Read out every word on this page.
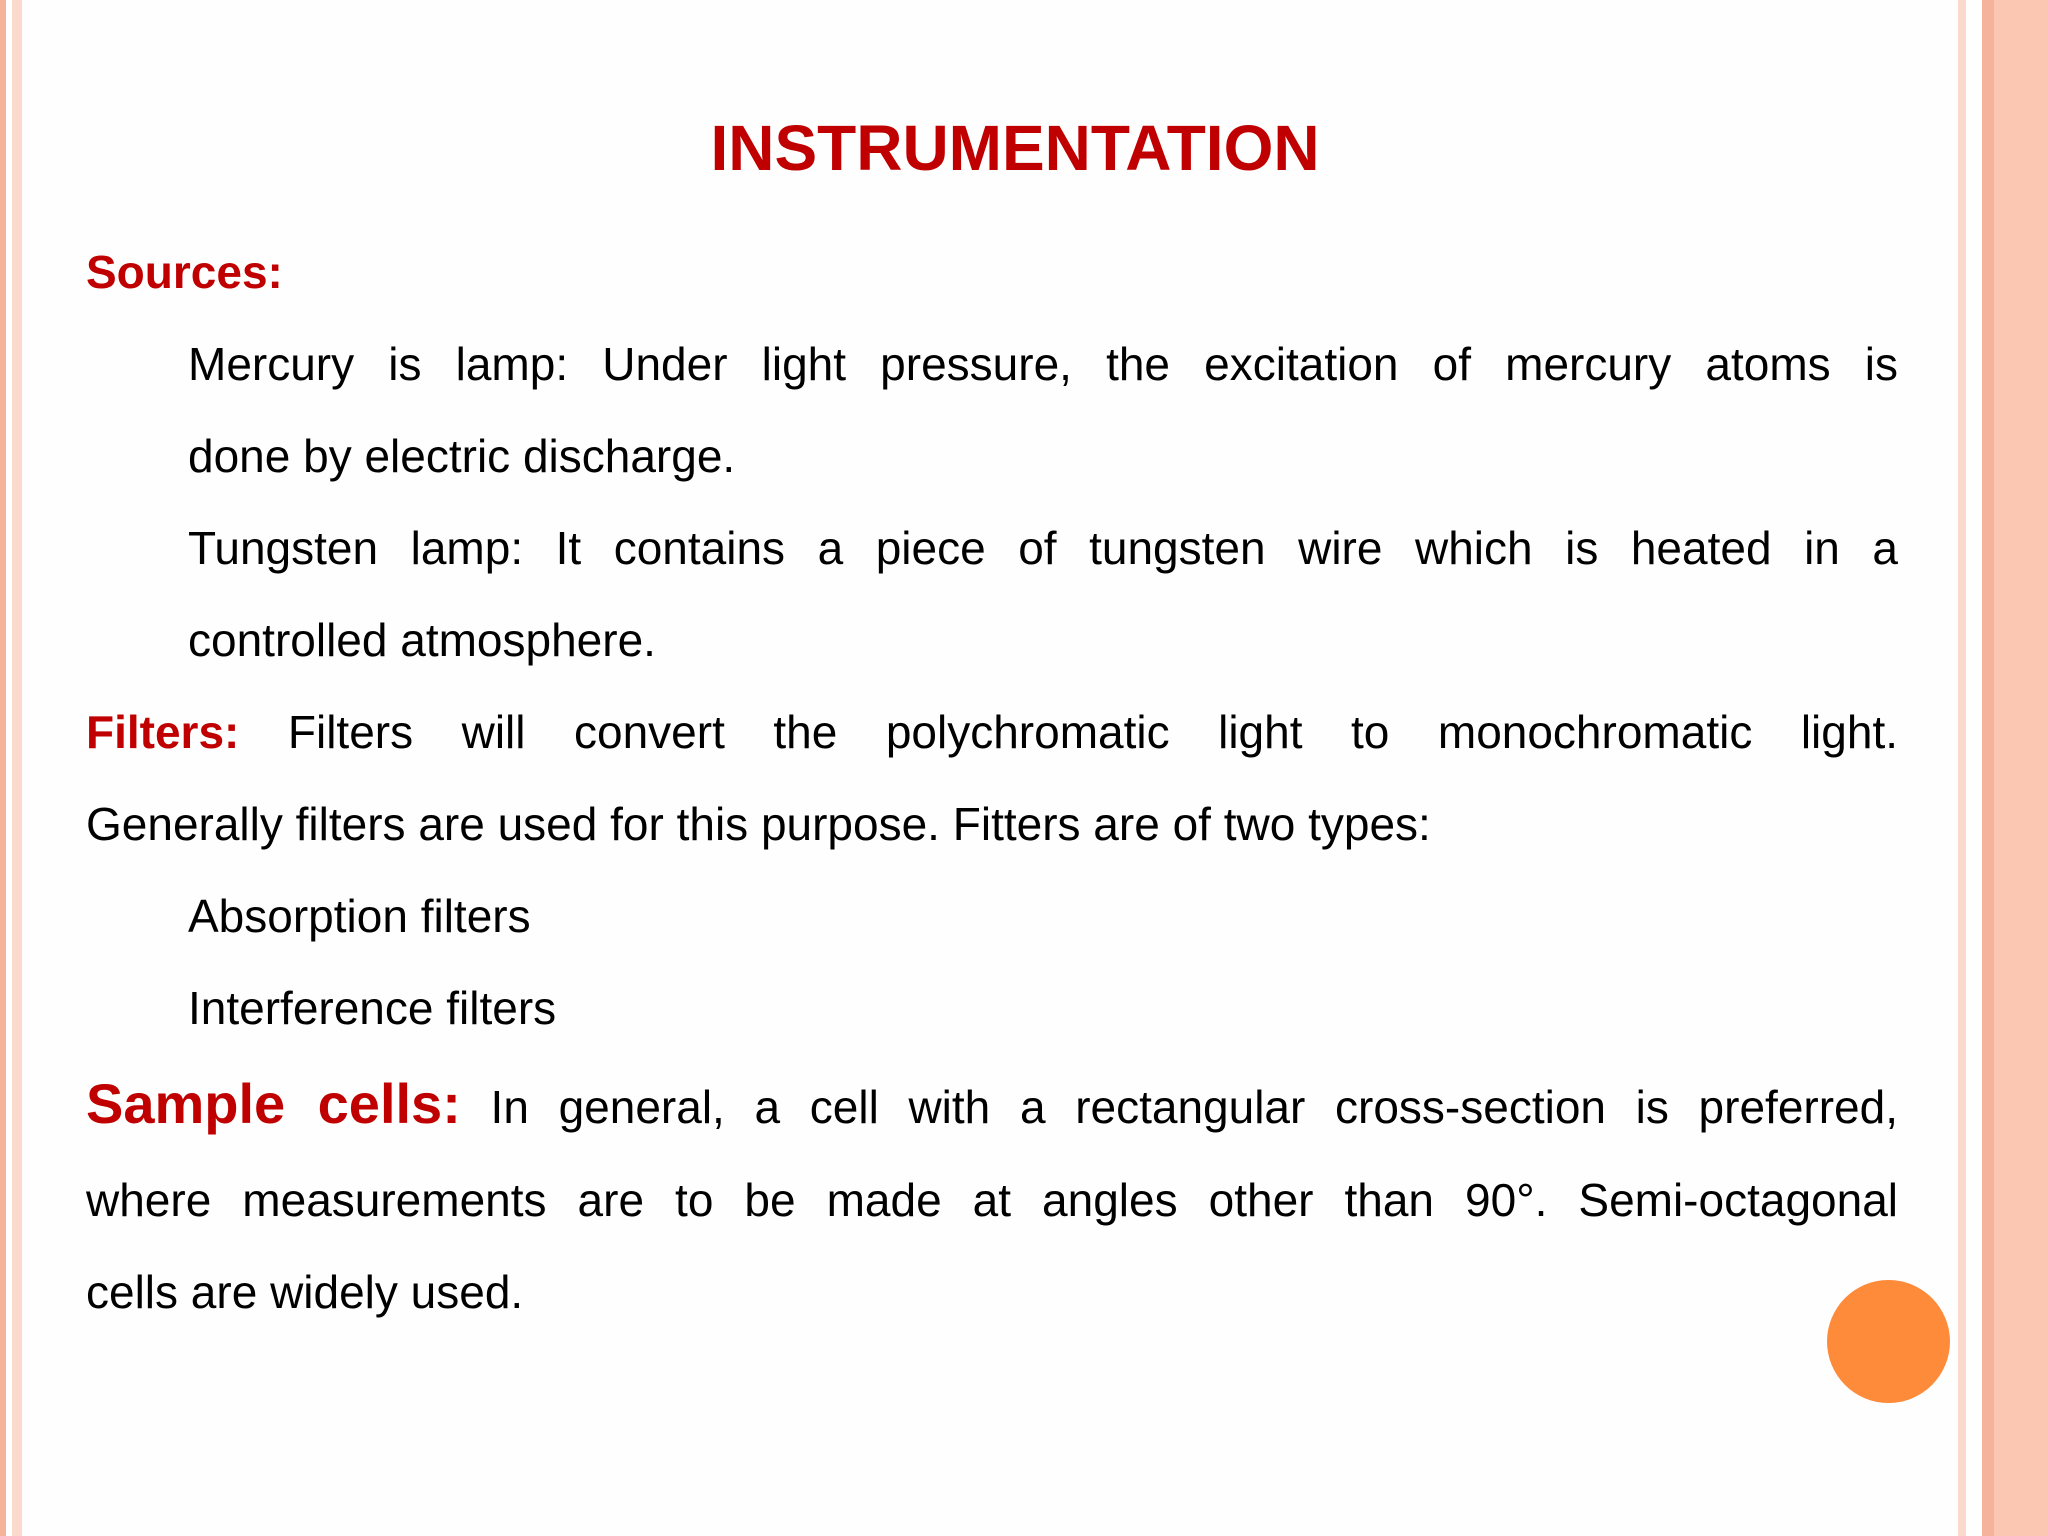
INSTRUMENTATION
Sources:
Mercury is lamp: Under light pressure, the excitation of mercury atoms is
done by electric discharge.
Tungsten lamp: It contains a piece of tungsten wire which is heated in a
controlled atmosphere.
Filters: Filters will convert the polychromatic light to monochromatic light.
Generally filters are used for this purpose. Fitters are of two types:
Absorption filters
Interference filters
Sample cells: In general, a cell with a rectangular cross-section is preferred,
where measurements are to be made at angles other than 90°. Semi-octagonal
cells are widely used.
